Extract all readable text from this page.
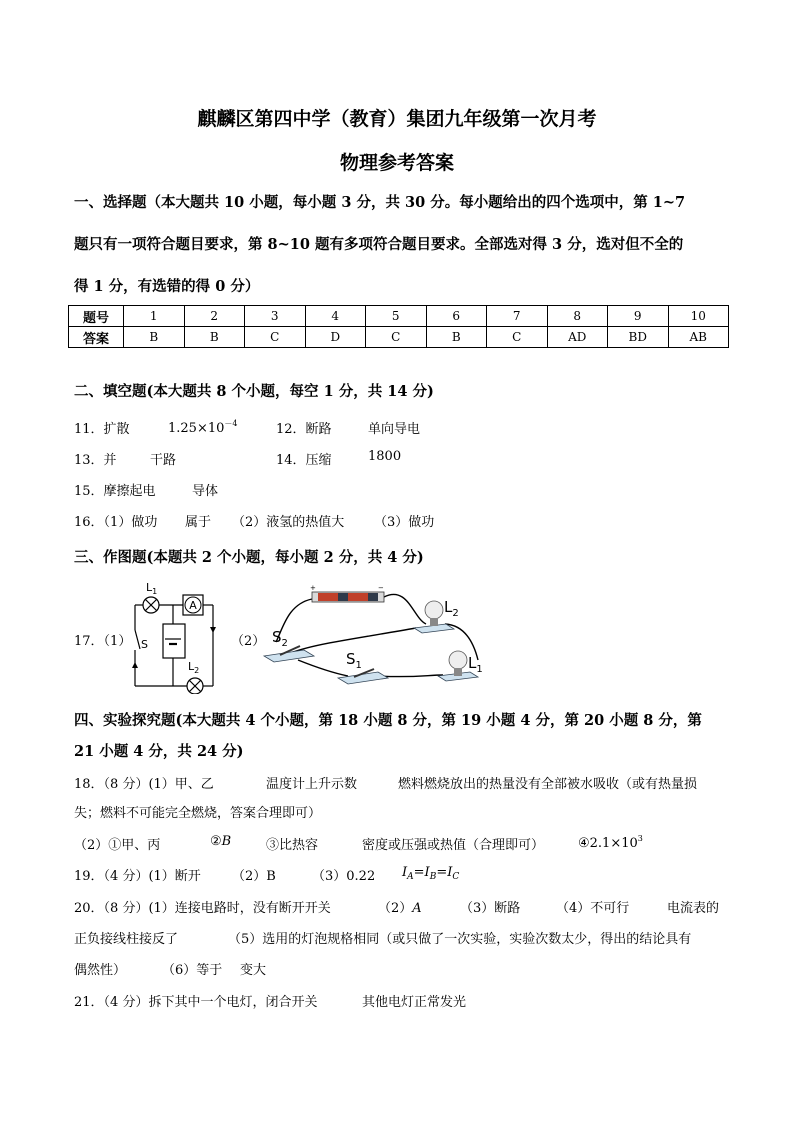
麒麟区第四中学（教育）集团九年级第一次月考
物理参考答案
一、选择题（本大题共 10 小题，每小题 3 分，共 30 分。每小题给出的四个选项中，第 1~7
题只有一项符合题目要求，第 8~10 题有多项符合题目要求。全部选对得 3 分，选对但不全的
得 1 分，有选错的得 0 分）
题号	1	2	3	4	5	6	7	8	9	10
答案	B	B	C	D	C	B	C	AD	BD	AB
二、填空题(本大题共 8 个小题，每空 1 分，共 14 分)
11．扩散	$1.25\times 10^{-4}$	12．断路	单向导电
13．并	干路	14．压缩	1800
15．摩擦起电	导体
16．（1）做功 属于 （2）液氢的热值大 （3）做功
三、作图题(本题共 2 个小题，每小题 2 分，共 4 分)
17．（1）	（2）
A
$L_1$
$L_2$
S
+	−
$S_2$
$S_1$
$L_2$
$L_1$
四、实验探究题(本大题共 4 个小题，第 18 小题 8 分，第 19 小题 4 分，第 20 小题 8 分，第
21 小题 4 分，共 24 分)
18．（8 分）(1）甲、乙	温度计上升示数	燃料燃烧放出的热量没有全部被水吸收（或有热量损
失；燃料不可能完全燃烧，答案合理即可）
（2）①甲、丙	②B	③比热容	密度或压强或热值（合理即可）	$④2.1\times 10^3$
19．（4 分）(1）断开 （2）B	（3）0.22 $I_A=I_B=I_C$
20．（8 分）(1）连接电路时，没有断开开关	（2）A	（3）断路	（4）不可行	电流表的
正负接线柱接反了	（5）选用的灯泡规格相同（或只做了一次实验，实验次数太少，得出的结论具有
偶然性）	（6）等于 变大
21．（4 分）拆下其中一个电灯，闭合开关	其他电灯正常发光
